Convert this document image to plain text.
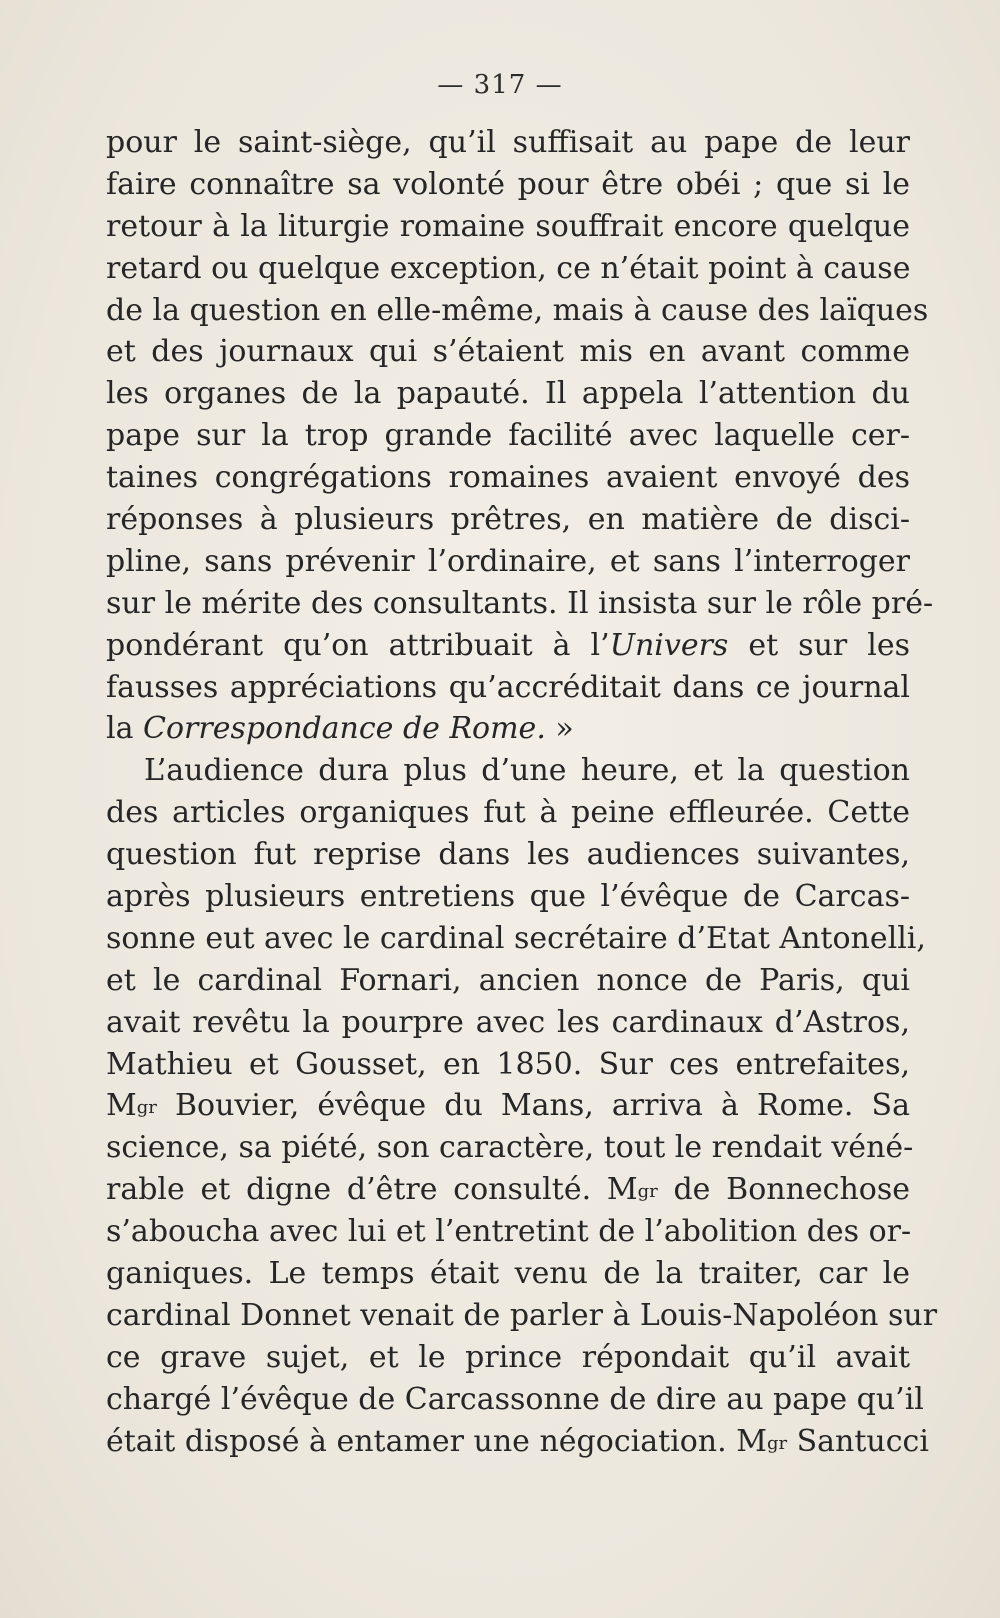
— 317 —
pour le saint-siège, qu’il suffisait au pape de leur
faire connaître sa volonté pour être obéi ; que si le
retour à la liturgie romaine souffrait encore quelque
retard ou quelque exception, ce n’était point à cause
de la question en elle-même, mais à cause des laïques
et des journaux qui s’étaient mis en avant comme
les organes de la papauté. Il appela l’attention du
pape sur la trop grande facilité avec laquelle cer-
taines congrégations romaines avaient envoyé des
réponses à plusieurs prêtres, en matière de disci-
pline, sans prévenir l’ordinaire, et sans l’interroger
sur le mérite des consultants. Il insista sur le rôle pré-
pondérant qu’on attribuait à l’Univers et sur les
fausses appréciations qu’accréditait dans ce journal
la Correspondance de Rome. »
L’audience dura plus d’une heure, et la question
des articles organiques fut à peine effleurée. Cette
question fut reprise dans les audiences suivantes,
après plusieurs entretiens que l’évêque de Carcas-
sonne eut avec le cardinal secrétaire d’Etat Antonelli,
et le cardinal Fornari, ancien nonce de Paris, qui
avait revêtu la pourpre avec les cardinaux d’Astros,
Mathieu et Gousset, en 1850. Sur ces entrefaites,
$M^{gr}$ Bouvier, évêque du Mans, arriva à Rome. Sa
science, sa piété, son caractère, tout le rendait véné-
rable et digne d’être consulté. $M^{gr}$ de Bonnechose
s’aboucha avec lui et l’entretint de l’abolition des or-
ganiques. Le temps était venu de la traiter, car le
cardinal Donnet venait de parler à Louis-Napoléon sur
ce grave sujet, et le prince répondait qu’il avait
chargé l’évêque de Carcassonne de dire au pape qu’il
était disposé à entamer une négociation. $M^{gr}$ Santucci
